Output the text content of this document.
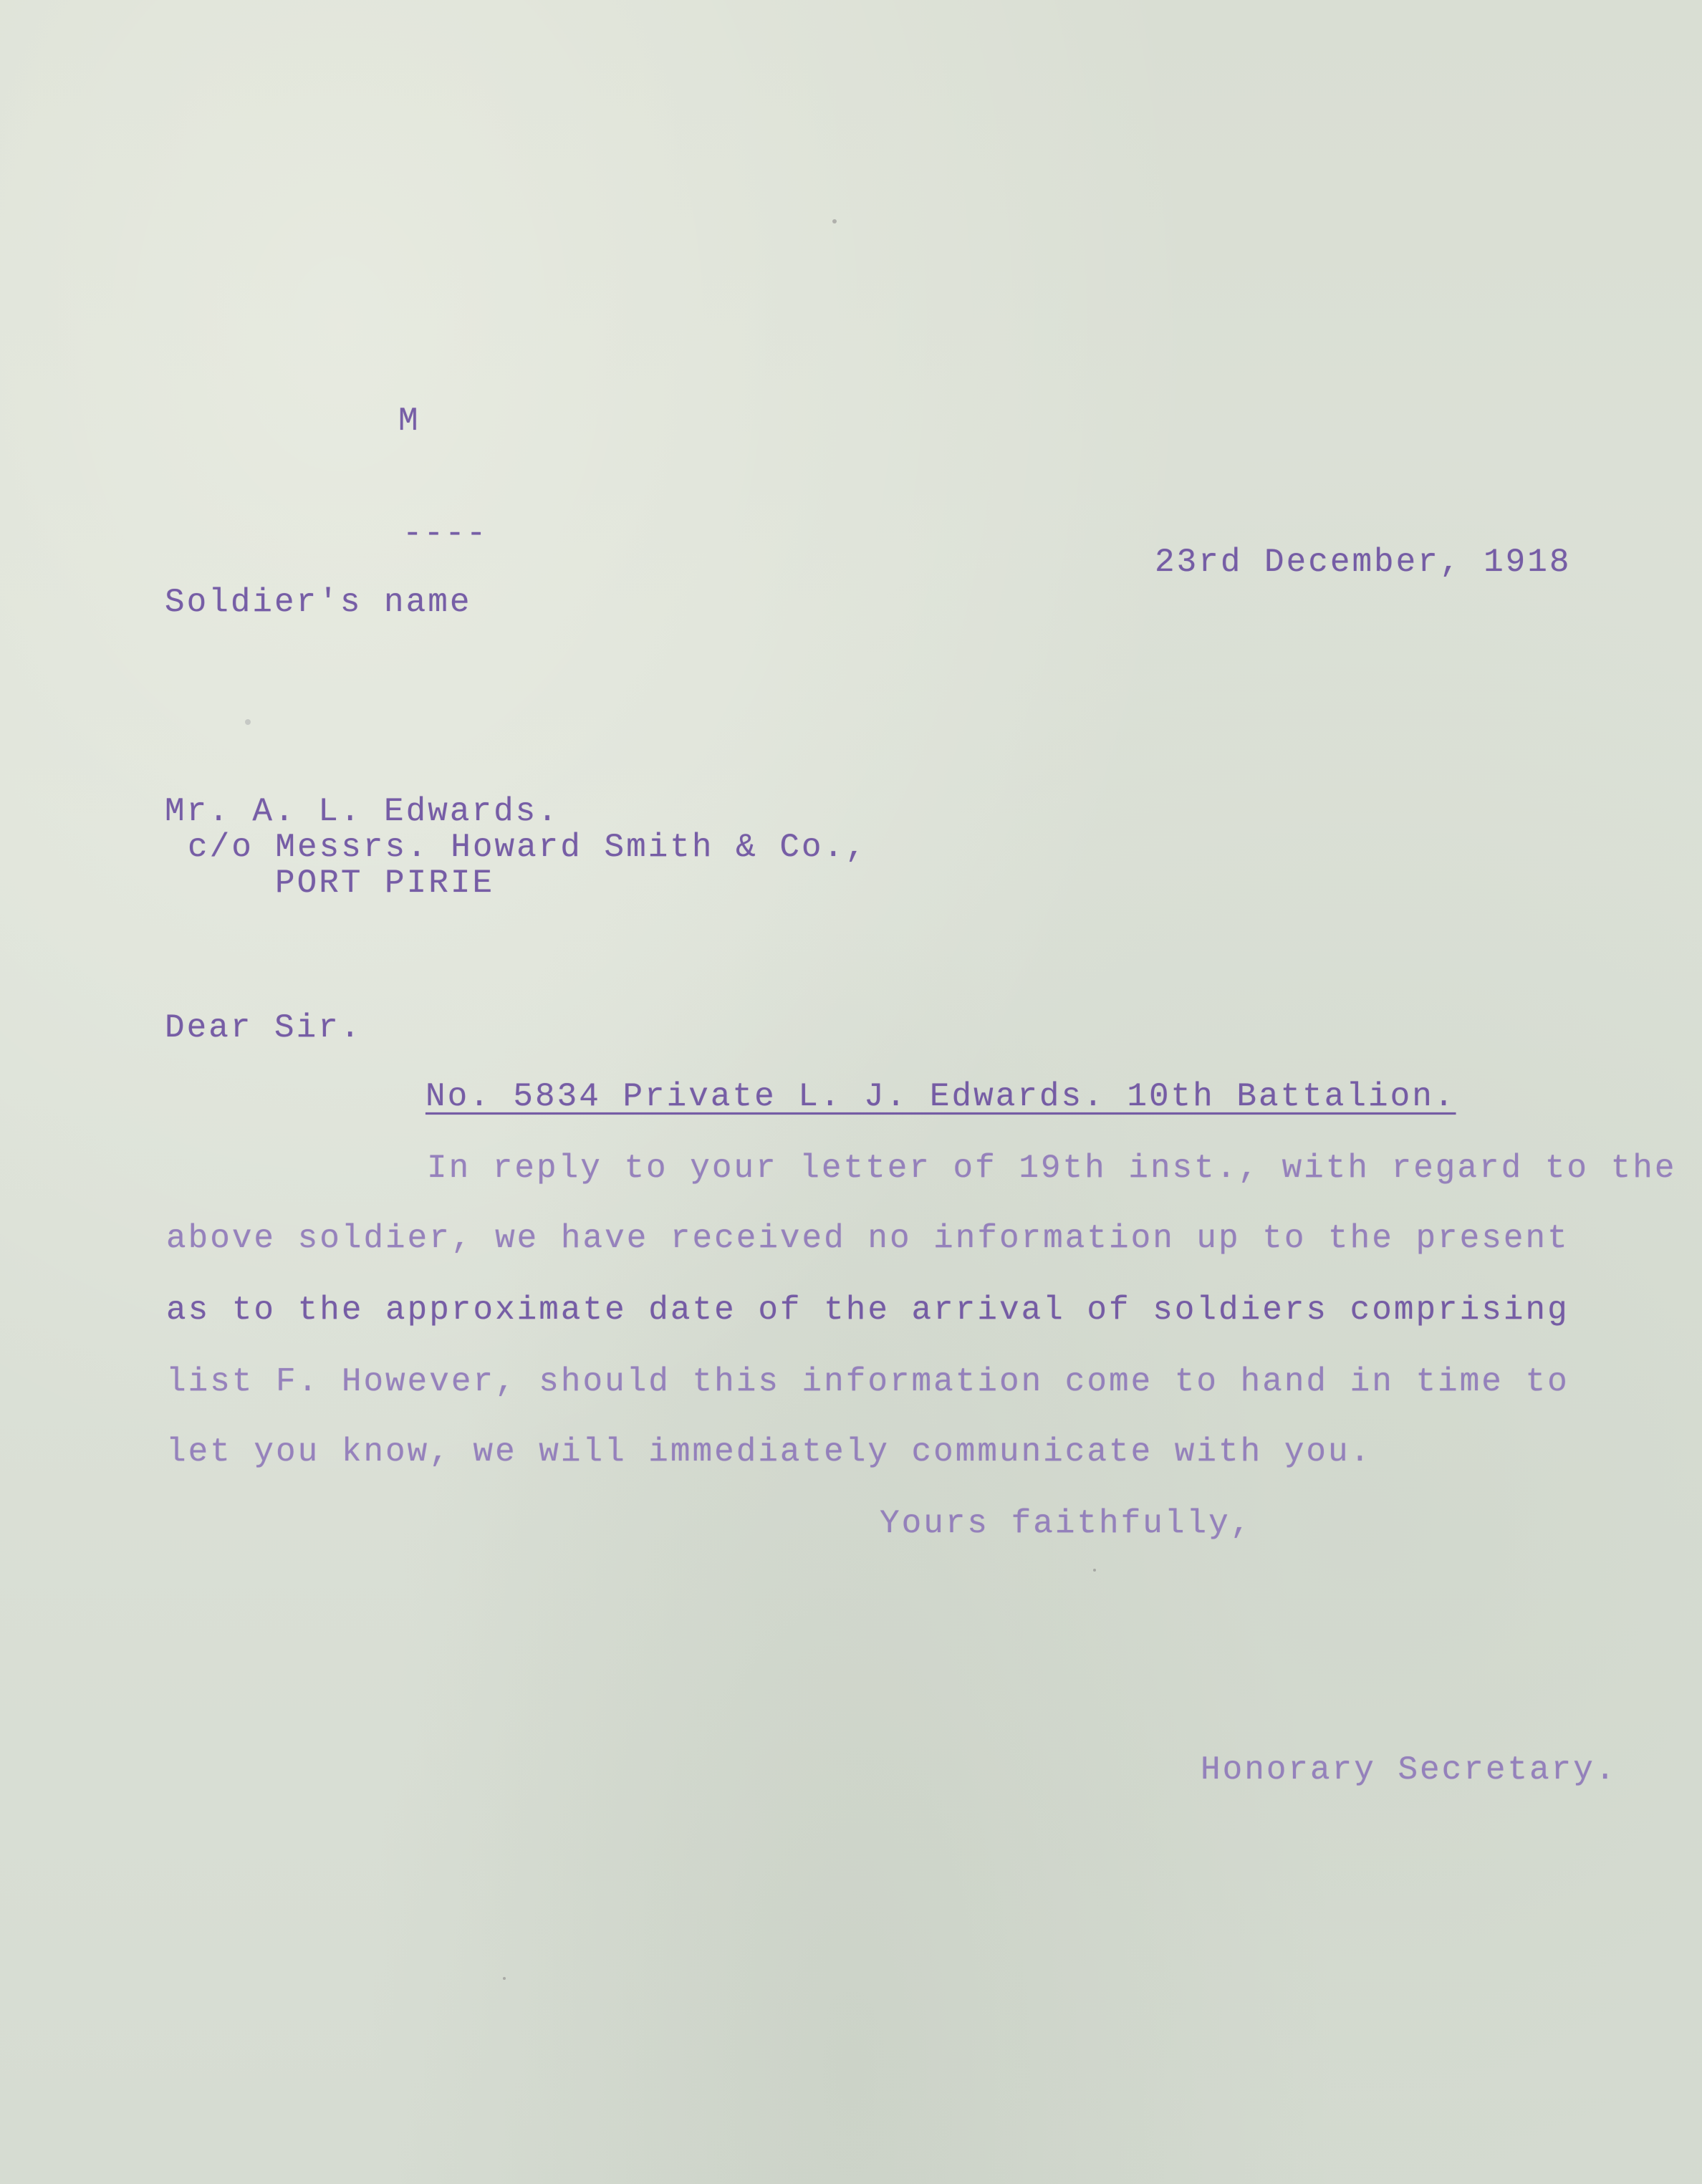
M
----
23rd December, 1918
Soldier's name
Mr. A. L. Edwards.
c/o Messrs. Howard Smith & Co.,
PORT PIRIE
Dear Sir.
No. 5834 Private L. J. Edwards. 10th Battalion.
In reply to your letter of 19th inst., with regard to the
above soldier, we have received no information up to the present
as to the approximate date of the arrival of soldiers comprising
list F. However, should this information come to hand in time to
let you know, we will immediately communicate with you.
Yours faithfully,
Honorary Secretary.
